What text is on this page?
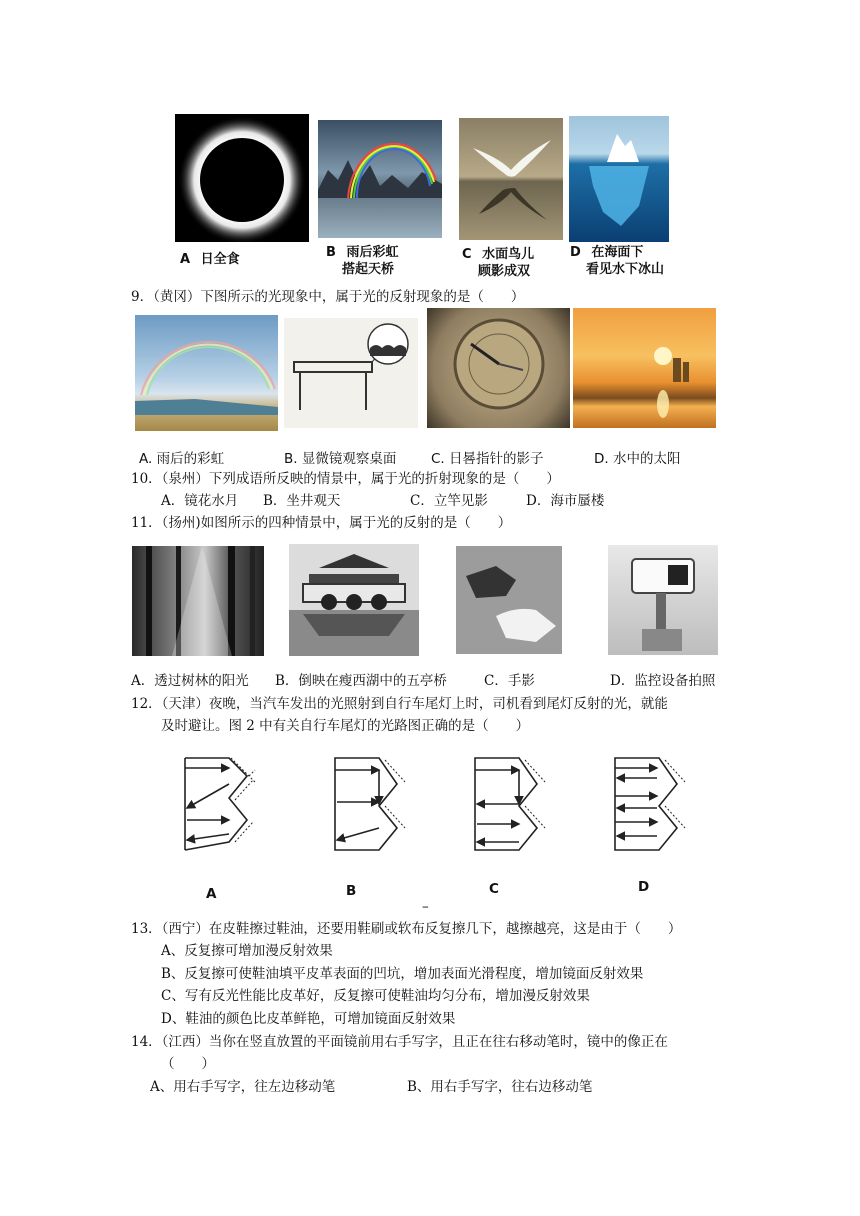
A 日全食	B 雨后彩虹
搭起天桥
C 水面鸟儿
顾影成双
D 在海面下
看见水下冰山
9．（黄冈）下图所示的光现象中，属于光的反射现象的是（　　）
A. 雨后的彩虹	B. 显微镜观察桌面	C. 日晷指针的影子	D. 水中的太阳
10．（泉州）下列成语所反映的情景中，属于光的折射现象的是（　　）
A．镜花水月 B．坐井观天	C．立竿见影	D．海市蜃楼
11．（扬州)如图所示的四种情景中，属于光的反射的是（　　）
A．透过树林的阳光 B．倒映在瘦西湖中的五亭桥	C．手影	D．监控设备拍照
12．（天津）夜晚，当汽车发出的光照射到自行车尾灯上时，司机看到尾灯反射的光，就能
及时避让。图 2 中有关自行车尾灯的光路图正确的是（　　）
A	B	C	D
–
13．（西宁）在皮鞋擦过鞋油，还要用鞋刷或软布反复擦几下，越擦越亮，这是由于（　　）
A、反复擦可增加漫反射效果
B、反复擦可使鞋油填平皮革表面的凹坑，增加表面光滑程度，增加镜面反射效果
C、写有反光性能比皮革好，反复擦可使鞋油均匀分布，增加漫反射效果
D、鞋油的颜色比皮革鲜艳，可增加镜面反射效果
14．（江西）当你在竖直放置的平面镜前用右手写字，且正在往右移动笔时，镜中的像正在
（　　）
A、用右手写字，往左边移动笔	B、用右手写字，往右边移动笔
